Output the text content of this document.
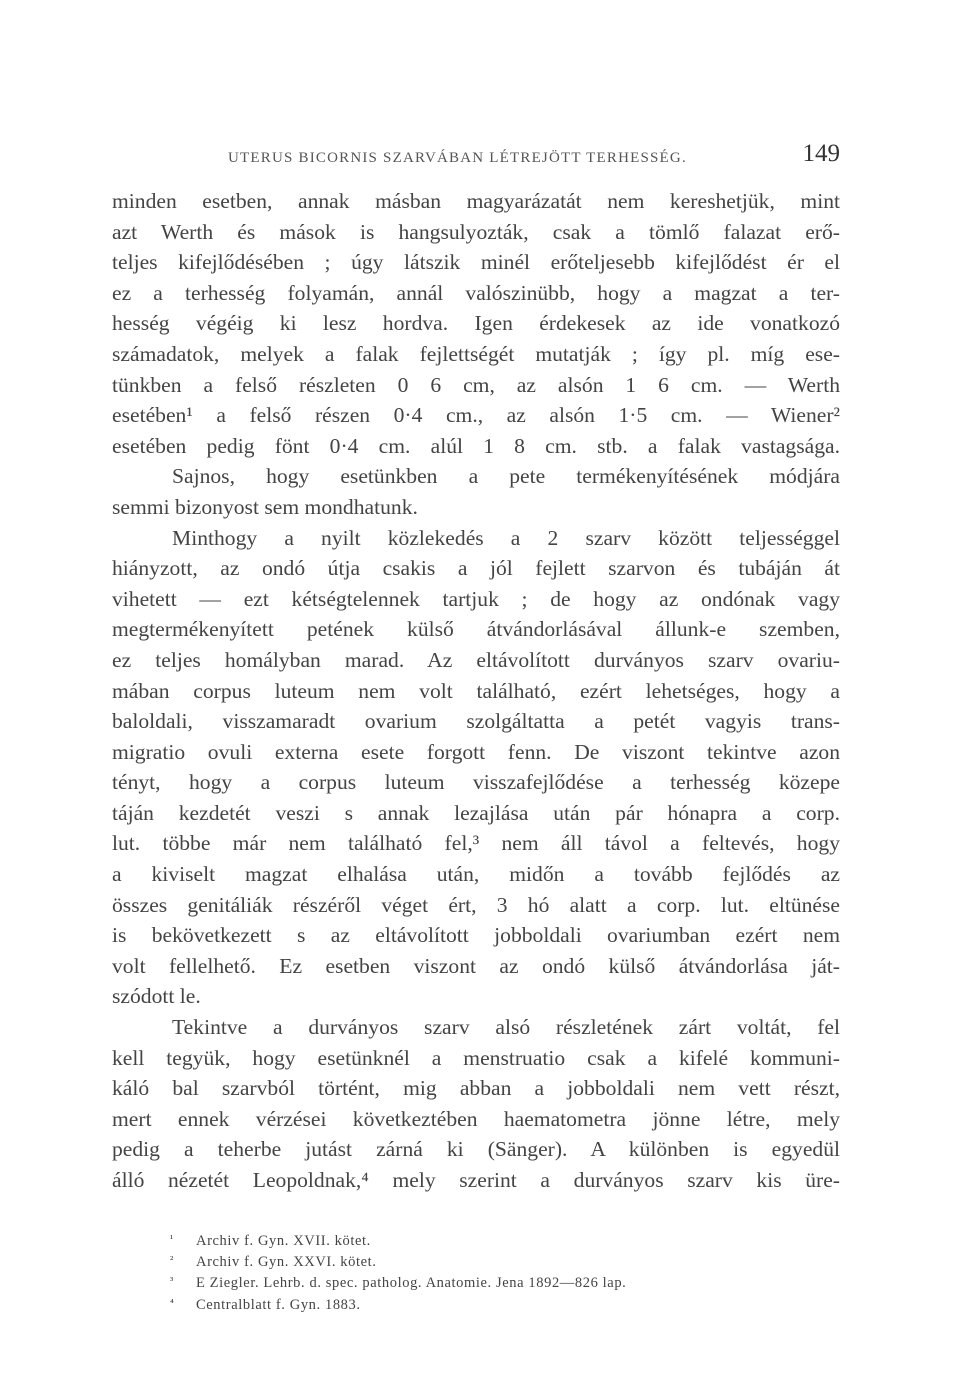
UTERUS BICORNIS SZARVÁBAN LÉTREJÖTT TERHESSÉG.	149
minden esetben, annak másban magyarázatát nem kereshetjük, mint
azt Werth és mások is hangsulyozták, csak a tömlő falazat erő-
teljes kifejlődésében ; úgy látszik minél erőteljesebb kifejlődést ér el
ez a terhesség folyamán, annál valószinübb, hogy a magzat a ter-
hesség végéig ki lesz hordva. Igen érdekesek az ide vonatkozó
számadatok, melyek a falak fejlettségét mutatják ; így pl. míg ese-
tünkben a felső részleten 0 6 cm, az alsón 1 6 cm. — Werth
esetében¹ a felső részen 0·4 cm., az alsón 1·5 cm. — Wiener²
esetében pedig fönt 0·4 cm. alúl 1 8 cm. stb. a falak vastagsága.
Sajnos, hogy esetünkben a pete termékenyítésének módjára
semmi bizonyost sem mondhatunk.
Minthogy a nyilt közlekedés a 2 szarv között teljességgel
hiányzott, az ondó útja csakis a jól fejlett szarvon és tubáján át
vihetett — ezt kétségtelennek tartjuk ; de hogy az ondónak vagy
megtermékenyített petének külső átvándorlásával állunk-e szemben,
ez teljes homályban marad. Az eltávolított durványos szarv ovariu-
mában corpus luteum nem volt található, ezért lehetséges, hogy a
baloldali, visszamaradt ovarium szolgáltatta a petét vagyis trans-
migratio ovuli externa esete forgott fenn. De viszont tekintve azon
tényt, hogy a corpus luteum visszafejlődése a terhesség közepe
táján kezdetét veszi s annak lezajlása után pár hónapra a corp.
lut. többe már nem található fel,³ nem áll távol a feltevés, hogy
a kiviselt magzat elhalása után, midőn a tovább fejlődés az
összes genitáliák részéről véget ért, 3 hó alatt a corp. lut. eltünése
is bekövetkezett s az eltávolított jobboldali ovariumban ezért nem
volt fellelhető. Ez esetben viszont az ondó külső átvándorlása ját-
szódott le.
Tekintve a durványos szarv alsó részletének zárt voltát, fel
kell tegyük, hogy esetünknél a menstruatio csak a kifelé kommuni-
káló bal szarvból történt, mig abban a jobboldali nem vett részt,
mert ennek vérzései következtében haematometra jönne létre, mely
pedig a teherbe jutást zárná ki (Sänger). A különben is egyedül
álló nézetét Leopoldnak,⁴ mely szerint a durványos szarv kis üre-
¹ Archiv f. Gyn. XVII. kötet.
² Archiv f. Gyn. XXVI. kötet.
³ E Ziegler. Lehrb. d. spec. patholog. Anatomie. Jena 1892—826 lap.
⁴ Centralblatt f. Gyn. 1883.
